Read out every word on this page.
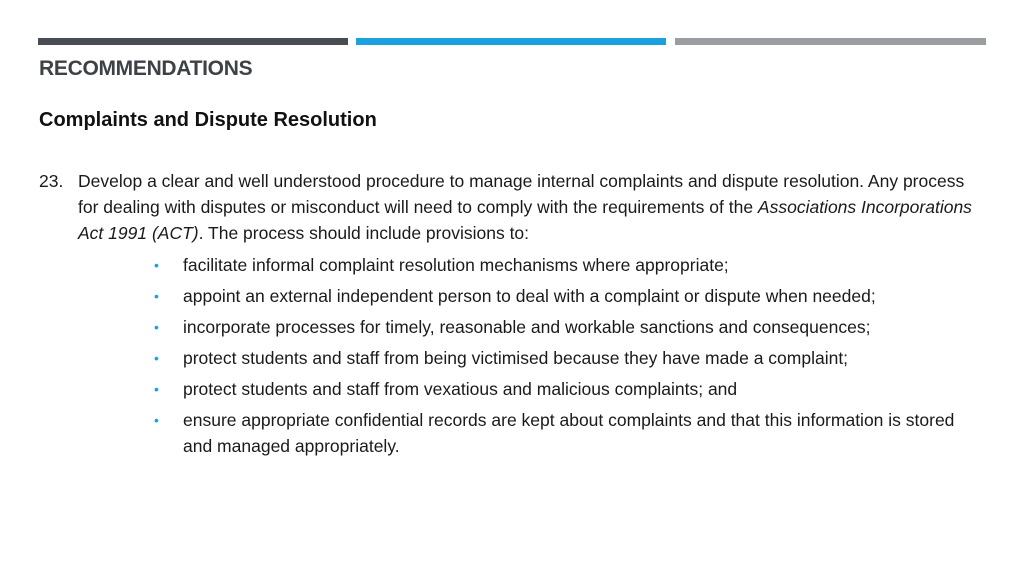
RECOMMENDATIONS
Complaints and Dispute Resolution
23. Develop a clear and well understood procedure to manage internal complaints and dispute resolution. Any process for dealing with disputes or misconduct will need to comply with the requirements of the Associations Incorporations Act 1991 (ACT). The process should include provisions to:
• facilitate informal complaint resolution mechanisms where appropriate;
• appoint an external independent person to deal with a complaint or dispute when needed;
• incorporate processes for timely, reasonable and workable sanctions and consequences;
• protect students and staff from being victimised because they have made a complaint;
• protect students and staff from vexatious and malicious complaints; and
• ensure appropriate confidential records are kept about complaints and that this information is stored and managed appropriately.
